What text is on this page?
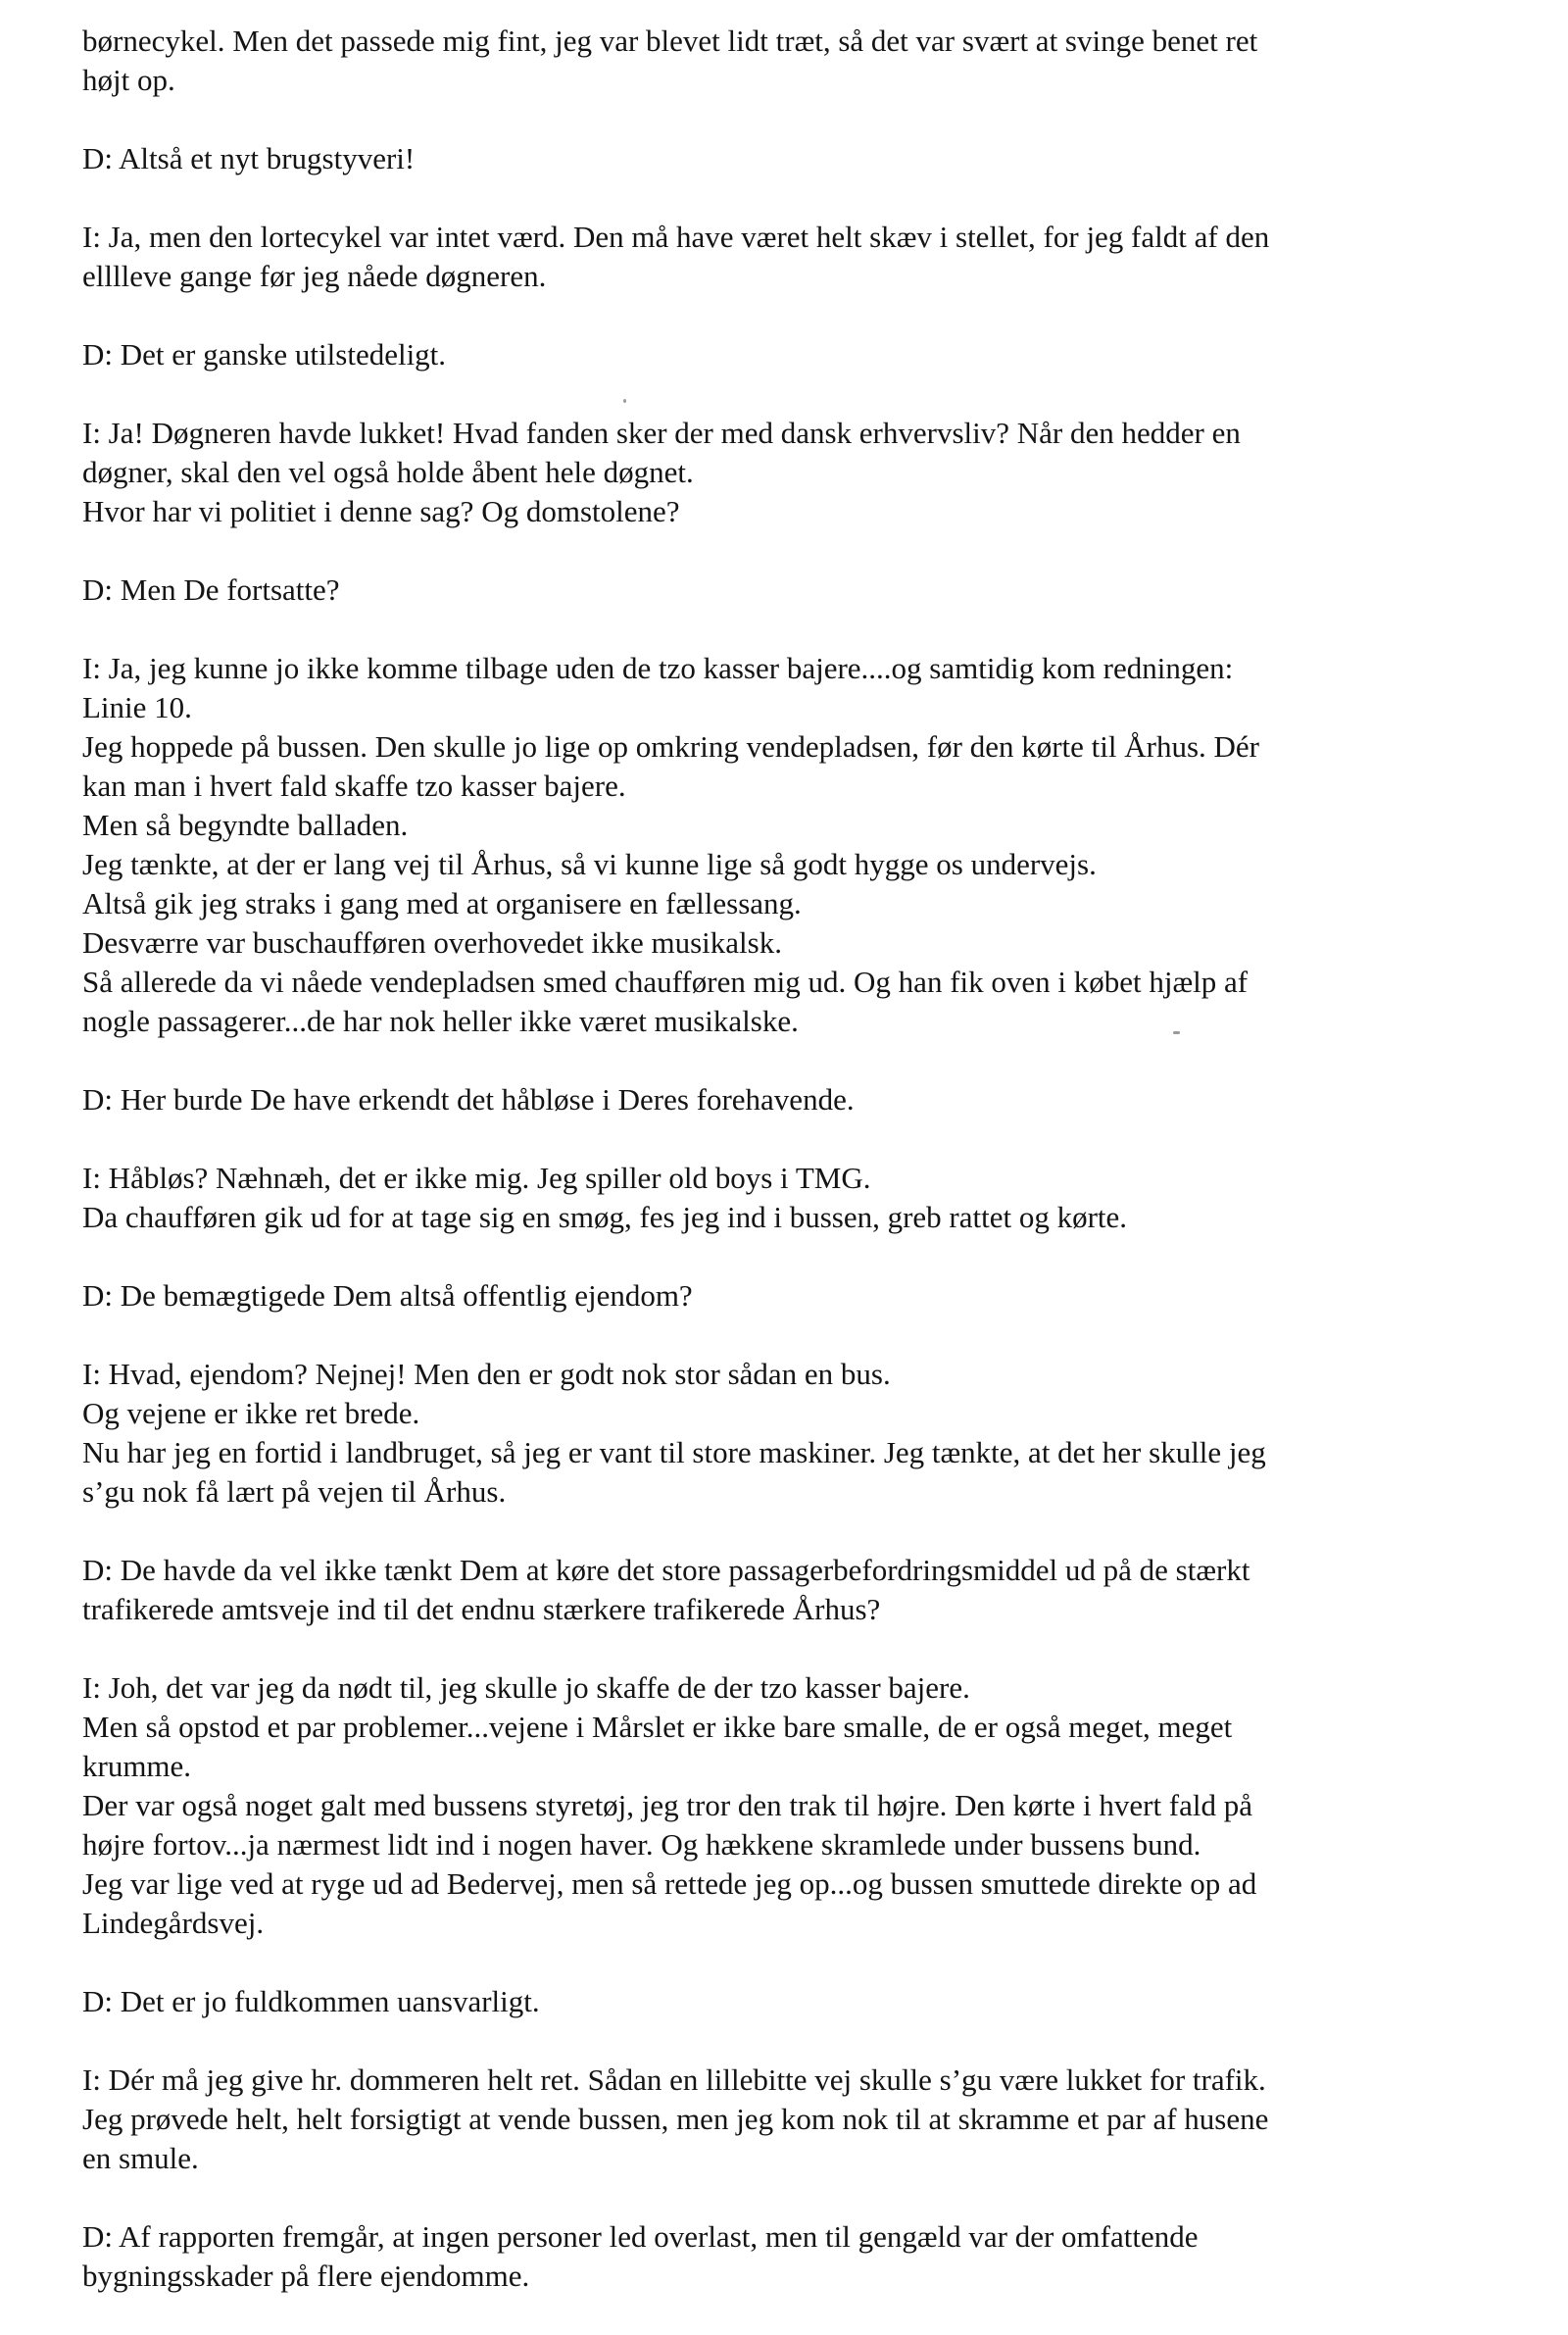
børnecykel. Men det passede mig fint, jeg var blevet lidt træt, så det var svært at svinge benet ret
højt op.
D: Altså et nyt brugstyveri!
I: Ja, men den lortecykel var intet værd. Den må have været helt skæv i stellet, for jeg faldt af den
elllleve gange før jeg nåede døgneren.
D: Det er ganske utilstedeligt.
I: Ja! Døgneren havde lukket! Hvad fanden sker der med dansk erhvervsliv? Når den hedder en
døgner, skal den vel også holde åbent hele døgnet.
Hvor har vi politiet i denne sag? Og domstolene?
D: Men De fortsatte?
I: Ja, jeg kunne jo ikke komme tilbage uden de tzo kasser bajere....og samtidig kom redningen:
Linie 10.
Jeg hoppede på bussen. Den skulle jo lige op omkring vendepladsen, før den kørte til Århus. Dér
kan man i hvert fald skaffe tzo kasser bajere.
Men så begyndte balladen.
Jeg tænkte, at der er lang vej til Århus, så vi kunne lige så godt hygge os undervejs.
Altså gik jeg straks i gang med at organisere en fællessang.
Desværre var buschaufføren overhovedet ikke musikalsk.
Så allerede da vi nåede vendepladsen smed chaufføren mig ud. Og han fik oven i købet hjælp af
nogle passagerer...de har nok heller ikke været musikalske.
D: Her burde De have erkendt det håbløse i Deres forehavende.
I: Håbløs? Næhnæh, det er ikke mig. Jeg spiller old boys i TMG.
Da chaufføren gik ud for at tage sig en smøg, fes jeg ind i bussen, greb rattet og kørte.
D: De bemægtigede Dem altså offentlig ejendom?
I: Hvad, ejendom? Nejnej! Men den er godt nok stor sådan en bus.
Og vejene er ikke ret brede.
Nu har jeg en fortid i landbruget, så jeg er vant til store maskiner. Jeg tænkte, at det her skulle jeg
s’gu nok få lært på vejen til Århus.
D: De havde da vel ikke tænkt Dem at køre det store passagerbefordringsmiddel ud på de stærkt
trafikerede amtsveje ind til det endnu stærkere trafikerede Århus?
I: Joh, det var jeg da nødt til, jeg skulle jo skaffe de der tzo kasser bajere.
Men så opstod et par problemer...vejene i Mårslet er ikke bare smalle, de er også meget, meget
krumme.
Der var også noget galt med bussens styretøj, jeg tror den trak til højre. Den kørte i hvert fald på
højre fortov...ja nærmest lidt ind i nogen haver. Og hækkene skramlede under bussens bund.
Jeg var lige ved at ryge ud ad Bedervej, men så rettede jeg op...og bussen smuttede direkte op ad
Lindegårdsvej.
D: Det er jo fuldkommen uansvarligt.
I: Dér må jeg give hr. dommeren helt ret. Sådan en lillebitte vej skulle s’gu være lukket for trafik.
Jeg prøvede helt, helt forsigtigt at vende bussen, men jeg kom nok til at skramme et par af husene
en smule.
D: Af rapporten fremgår, at ingen personer led overlast, men til gengæld var der omfattende
bygningsskader på flere ejendomme.
